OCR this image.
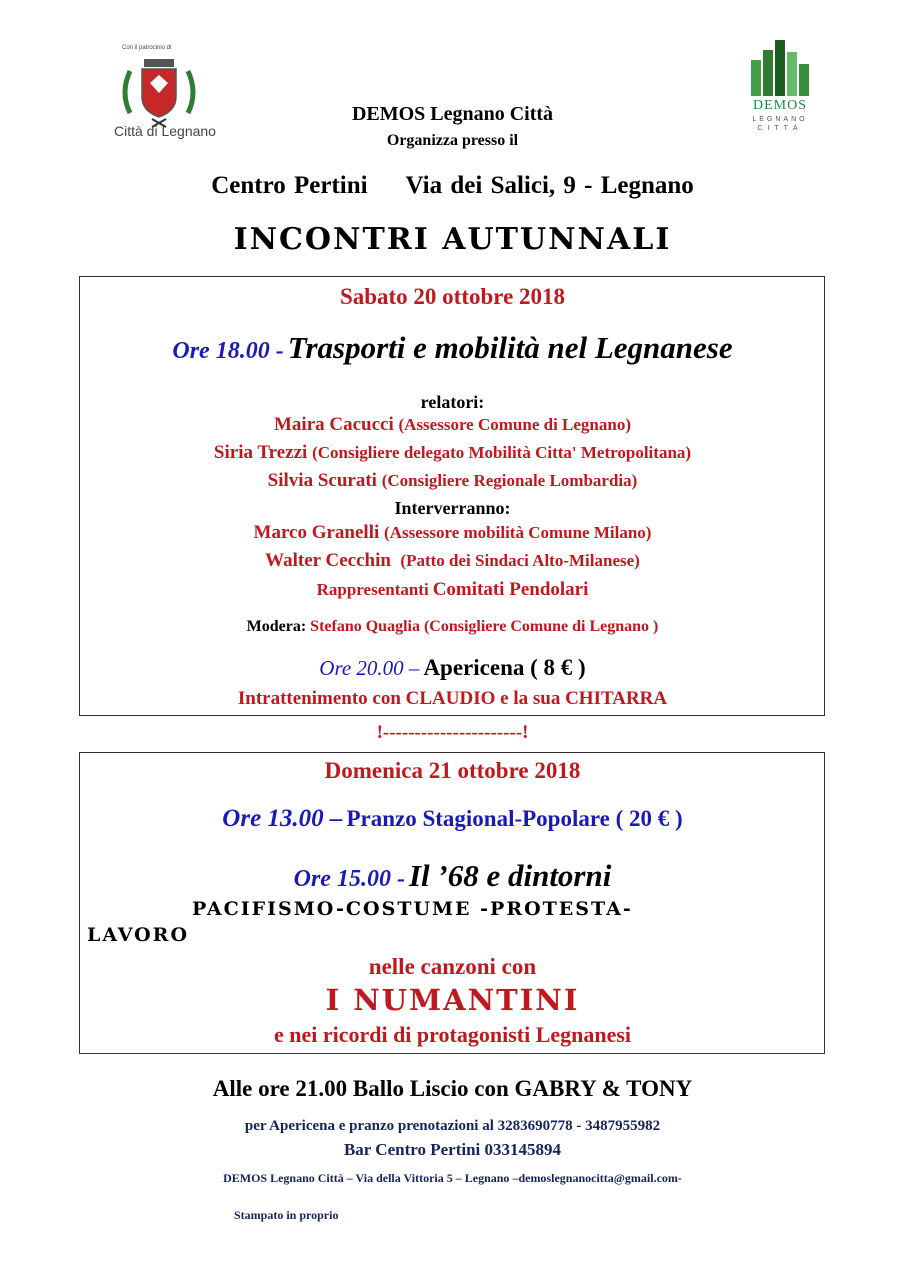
Con il patrocinio di
Città di Legnano
DEMOS
LEGNANO
CITTÀ
DEMOS Legnano Città
Organizza presso il
Centro Pertini Via dei Salici, 9 - Legnano
INCONTRI AUTUNNALI
Sabato 20 ottobre 2018
Ore 18.00 - Trasporti e mobilità nel Legnanese
relatori:
Maira Cacucci (Assessore Comune di Legnano)
Siria Trezzi (Consigliere delegato Mobilità Citta' Metropolitana)
Silvia Scurati (Consigliere Regionale Lombardia)
Interverranno:
Marco Granelli (Assessore mobilità Comune Milano)
Walter Cecchin (Patto dei Sindaci Alto-Milanese)
Rappresentanti Comitati Pendolari
Modera: Stefano Quaglia (Consigliere Comune di Legnano )
Ore 20.00 – Apericena ( 8 € )
Intrattenimento con CLAUDIO e la sua CHITARRA
!----------------------!
Domenica 21 ottobre 2018
Ore 13.00 – Pranzo Stagional-Popolare ( 20 € )
Ore 15.00 - Il ’68 e dintorni
PACIFISMO-COSTUME -PROTESTA-
LAVORO
nelle canzoni con
I NUMANTINI
e nei ricordi di protagonisti Legnanesi
Alle ore 21.00 Ballo Liscio con GABRY & TONY
per Apericena e pranzo prenotazioni al 3283690778 - 3487955982
Bar Centro Pertini 033145894
DEMOS Legnano Città – Via della Vittoria 5 – Legnano –demoslegnanocitta@gmail.com-
Stampato in proprio
